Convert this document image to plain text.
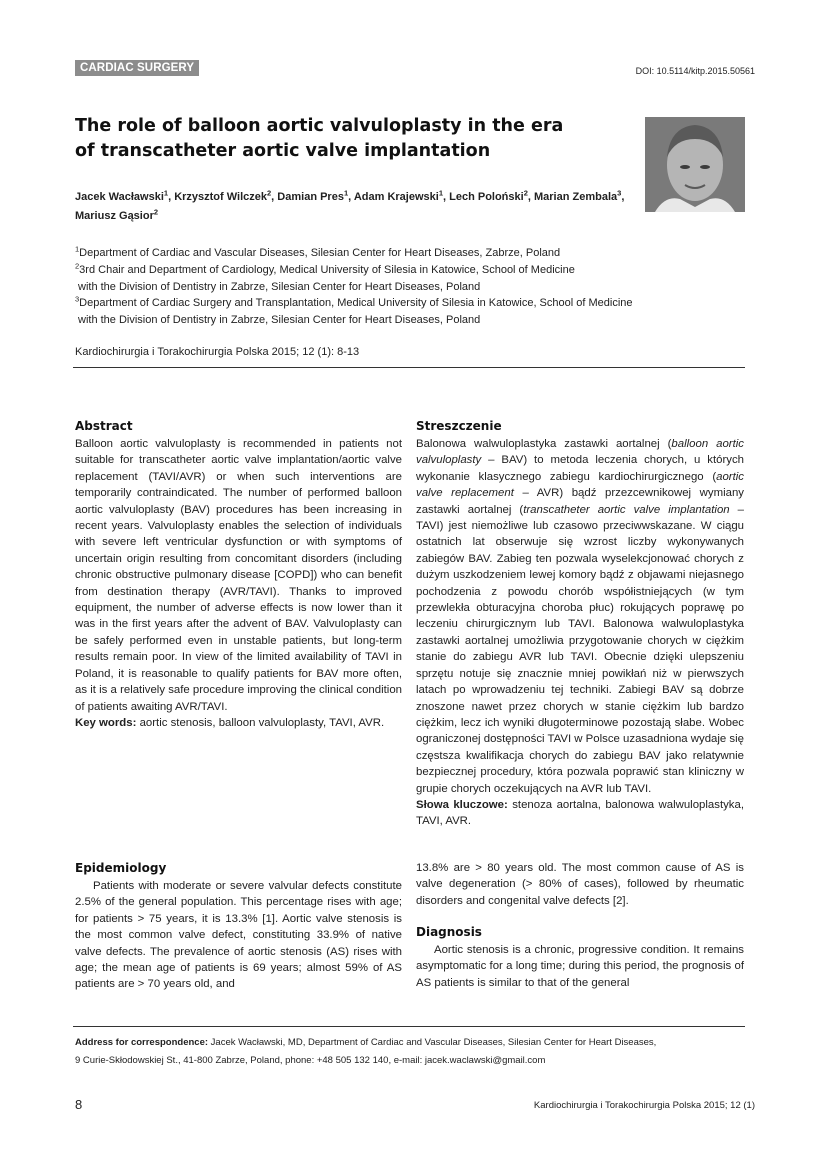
CARDIAC SURGERY	DOI: 10.5114/kitp.2015.50561
The role of balloon aortic valvuloplasty in the era
of transcatheter aortic valve implantation
Jacek Wacławski$^1$, Krzysztof Wilczek$^2$, Damian Pres$^1$, Adam Krajewski$^1$, Lech Poloński$^2$, Marian Zembala$^3$,
Mariusz Gąsior$^2$
$^1$Department of Cardiac and Vascular Diseases, Silesian Center for Heart Diseases, Zabrze, Poland
$^2$3rd Chair and Department of Cardiology, Medical University of Silesia in Katowice, School of Medicine
with the Division of Dentistry in Zabrze, Silesian Center for Heart Diseases, Poland
$^3$Department of Cardiac Surgery and Transplantation, Medical University of Silesia in Katowice, School of Medicine
with the Division of Dentistry in Zabrze, Silesian Center for Heart Diseases, Poland
Kardiochirurgia i Torakochirurgia Polska 2015; 12 (1): 8-13
Abstract

Balloon aortic valvuloplasty is recommended in patients not suitable for transcatheter aortic valve implantation/aortic valve replacement (TAVI/AVR) or when such interventions are temporarily contraindicated. The number of performed balloon aortic valvuloplasty (BAV) procedures has been increasing in recent years. Valvuloplasty enables the selection of individuals with severe left ventricular dysfunction or with symptoms of uncertain origin resulting from concomitant disorders (including chronic obstructive pulmonary disease [COPD]) who can benefit from destination therapy (AVR/TAVI). Thanks to improved equipment, the number of adverse effects is now lower than it was in the first years after the advent of BAV. Valvuloplasty can be safely performed even in unstable patients, but long-term results remain poor. In view of the limited availability of TAVI in Poland, it is reasonable to qualify patients for BAV more often, as it is a relatively safe procedure improving the clinical condition of patients awaiting AVR/TAVI.

Key words: aortic stenosis, balloon valvuloplasty, TAVI, AVR.

Streszczenie

Balonowa walwuloplastyka zastawki aortalnej (balloon aortic valvuloplasty – BAV) to metoda leczenia chorych, u których wykonanie klasycznego zabiegu kardiochirurgicznego (aortic valve replacement – AVR) bądź przezcewnikowej wymiany zastawki aortalnej (transcatheter aortic valve implantation – TAVI) jest niemożliwe lub czasowo przeciwwskazane. W ciągu ostatnich lat obserwuje się wzrost liczby wykonywanych zabiegów BAV. Zabieg ten pozwala wyselekcjonować chorych z dużym uszkodzeniem lewej komory bądź z objawami niejasnego pochodzenia z powodu chorób współistniejących (w tym przewlekła obturacyjna choroba płuc) rokujących poprawę po leczeniu chirurgicznym lub TAVI. Balonowa walwuloplastyka zastawki aortalnej umożliwia przygotowanie chorych w ciężkim stanie do zabiegu AVR lub TAVI. Obecnie dzięki ulepszeniu sprzętu notuje się znacznie mniej powikłań niż w pierwszych latach po wprowadzeniu tej techniki. Zabiegi BAV są dobrze znoszone nawet przez chorych w stanie ciężkim lub bardzo ciężkim, lecz ich wyniki długoterminowe pozostają słabe. Wobec ograniczonej dostępności TAVI w Polsce uzasadniona wydaje się częstsza kwalifikacja chorych do zabiegu BAV jako relatywnie bezpiecznej procedury, która pozwala poprawić stan kliniczny w grupie chorych oczekujących na AVR lub TAVI.

Słowa kluczowe: stenoza aortalna, balonowa walwuloplastyka, TAVI, AVR.

Epidemiology

Patients with moderate or severe valvular defects constitute 2.5% of the general population. This percentage rises with age; for patients > 75 years, it is 13.3% [1]. Aortic valve stenosis is the most common valve defect, constituting 33.9% of native valve defects. The prevalence of aortic stenosis (AS) rises with age; the mean age of patients is 69 years; almost 59% of AS patients are > 70 years old, and

13.8% are > 80 years old. The most common cause of AS is valve degeneration (> 80% of cases), followed by rheumatic disorders and congenital valve defects [2].

Diagnosis

Aortic stenosis is a chronic, progressive condition. It remains asymptomatic for a long time; during this period, the prognosis of AS patients is similar to that of the general

Address for correspondence: Jacek Wacławski, MD, Department of Cardiac and Vascular Diseases, Silesian Center for Heart Diseases,
9 Curie-Skłodowskiej St., 41-800 Zabrze, Poland, phone: +48 505 132 140, e-mail: jacek.waclawski@gmail.com
8	Kardiochirurgia i Torakochirurgia Polska 2015; 12 (1)
